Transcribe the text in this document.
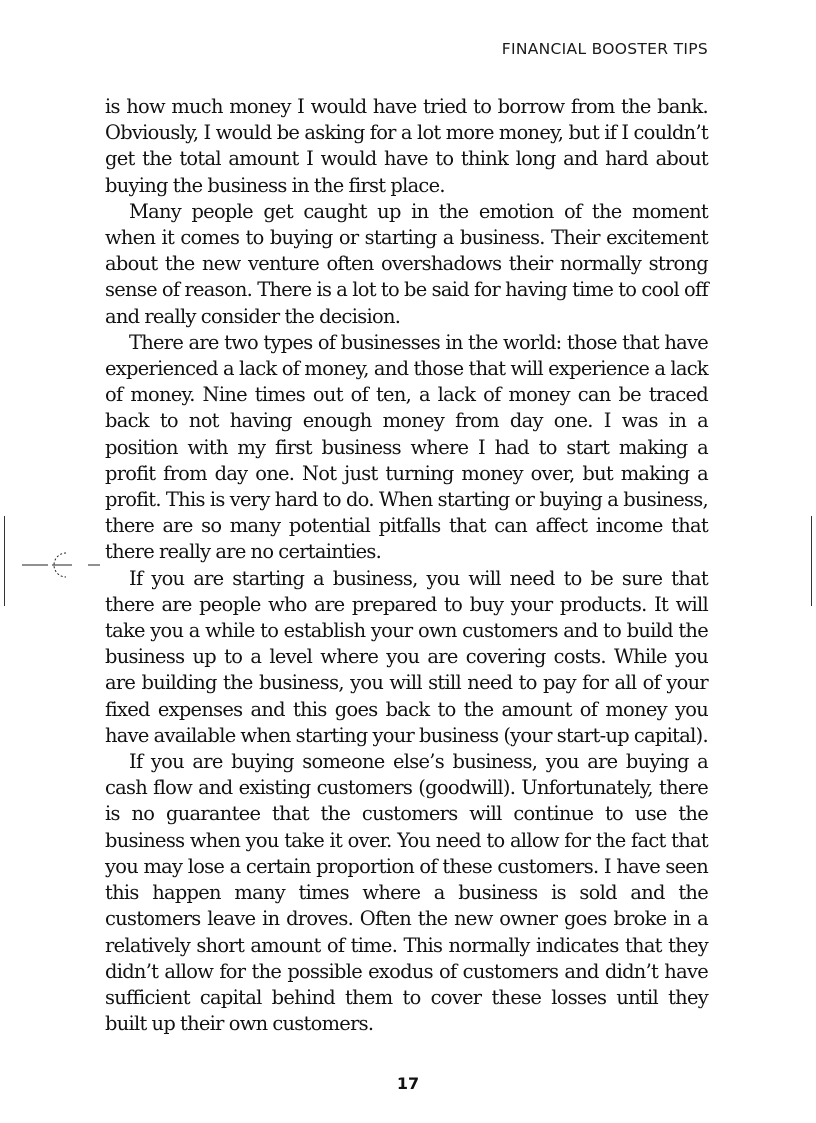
FINANCIAL BOOSTER TIPS

is how much money I would have tried to borrow from the bank. Obviously, I would be asking for a lot more money, but if I couldn’t get the total amount I would have to think long and hard about buying the business in the first place.

Many people get caught up in the emotion of the moment when it comes to buying or starting a business. Their excitement about the new venture often overshadows their normally strong sense of reason. There is a lot to be said for having time to cool off and really consider the decision.

There are two types of businesses in the world: those that have experienced a lack of money, and those that will experience a lack of money. Nine times out of ten, a lack of money can be traced back to not having enough money from day one. I was in a position with my first business where I had to start making a profit from day one. Not just turning money over, but making a profit. This is very hard to do. When starting or buying a business, there are so many potential pitfalls that can affect income that there really are no certainties.

If you are starting a business, you will need to be sure that there are people who are prepared to buy your products. It will take you a while to establish your own customers and to build the business up to a level where you are covering costs. While you are building the business, you will still need to pay for all of your fixed expenses and this goes back to the amount of money you have available when starting your business (your start-up capital).

If you are buying someone else’s business, you are buying a cash flow and existing customers (goodwill). Unfortunately, there is no guarantee that the customers will continue to use the business when you take it over. You need to allow for the fact that you may lose a certain proportion of these customers. I have seen this happen many times where a business is sold and the customers leave in droves. Often the new owner goes broke in a relatively short amount of time. This normally indicates that they didn’t allow for the possible exodus of customers and didn’t have sufficient capital behind them to cover these losses until they built up their own customers.

17
